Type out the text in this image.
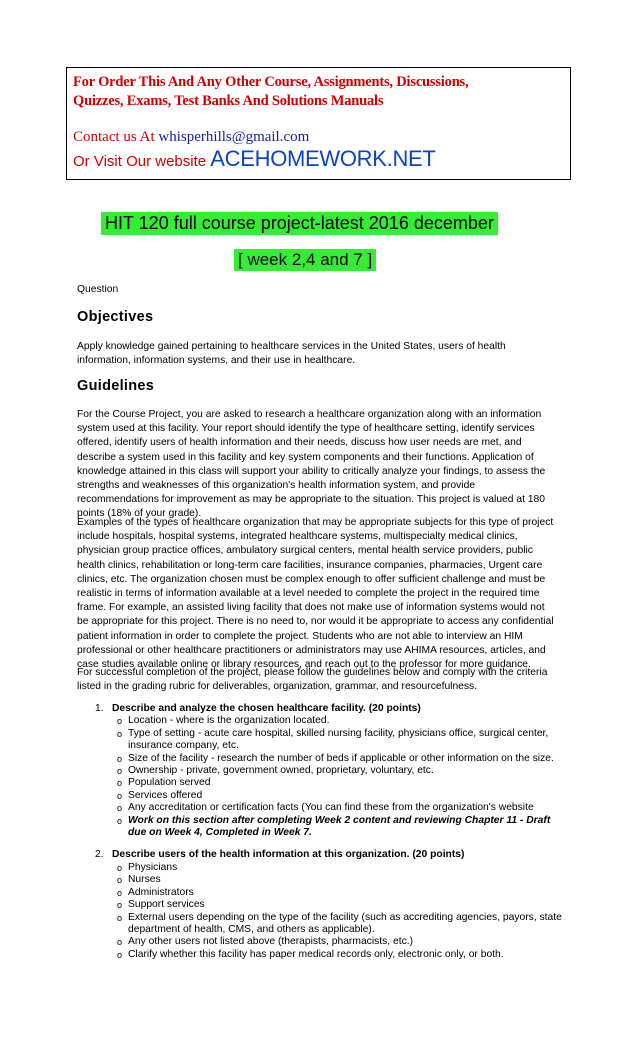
For Order This And Any Other Course, Assignments, Discussions,
Quizzes, Exams, Test Banks And Solutions Manuals
Contact us At whisperhills@gmail.com
Or Visit Our website ACEHOMEWORK.NET
HIT 120 full course project-latest 2016 december
[ week 2,4 and 7 ]
Question
Objectives
Apply knowledge gained pertaining to healthcare services in the United States, users of health information, information systems, and their use in healthcare.
Guidelines
For the Course Project, you are asked to research a healthcare organization along with an information system used at this facility. Your report should identify the type of healthcare setting, identify services offered, identify users of health information and their needs, discuss how user needs are met, and describe a system used in this facility and key system components and their functions. Application of knowledge attained in this class will support your ability to critically analyze your findings, to assess the strengths and weaknesses of this organization's health information system, and provide recommendations for improvement as may be appropriate to the situation. This project is valued at 180 points (18% of your grade).
Examples of the types of healthcare organization that may be appropriate subjects for this type of project include hospitals, hospital systems, integrated healthcare systems, multispecialty medical clinics, physician group practice offices, ambulatory surgical centers, mental health service providers, public health clinics, rehabilitation or long-term care facilities, insurance companies, pharmacies, Urgent care clinics, etc. The organization chosen must be complex enough to offer sufficient challenge and must be realistic in terms of information available at a level needed to complete the project in the required time frame. For example, an assisted living facility that does not make use of information systems would not be appropriate for this project. There is no need to, nor would it be appropriate to access any confidential patient information in order to complete the project. Students who are not able to interview an HIM professional or other healthcare practitioners or administrators may use AHIMA resources, articles, and case studies available online or library resources, and reach out to the professor for more guidance.
For successful completion of the project, please follow the guidelines below and comply with the criteria listed in the grading rubric for deliverables, organization, grammar, and resourcefulness.
1. Describe and analyze the chosen healthcare facility. (20 points)
o Location - where is the organization located.
o Type of setting - acute care hospital, skilled nursing facility, physicians office, surgical center, insurance company, etc.
o Size of the facility - research the number of beds if applicable or other information on the size.
o Ownership - private, government owned, proprietary, voluntary, etc.
o Population served
o Services offered
o Any accreditation or certification facts (You can find these from the organization's website
o Work on this section after completing Week 2 content and reviewing Chapter 11 - Draft due on Week 4, Completed in Week 7.
2. Describe users of the health information at this organization. (20 points)
o Physicians
o Nurses
o Administrators
o Support services
o External users depending on the type of the facility (such as accrediting agencies, payors, state department of health, CMS, and others as applicable).
o Any other users not listed above (therapists, pharmacists, etc.)
o Clarify whether this facility has paper medical records only, electronic only, or both.
